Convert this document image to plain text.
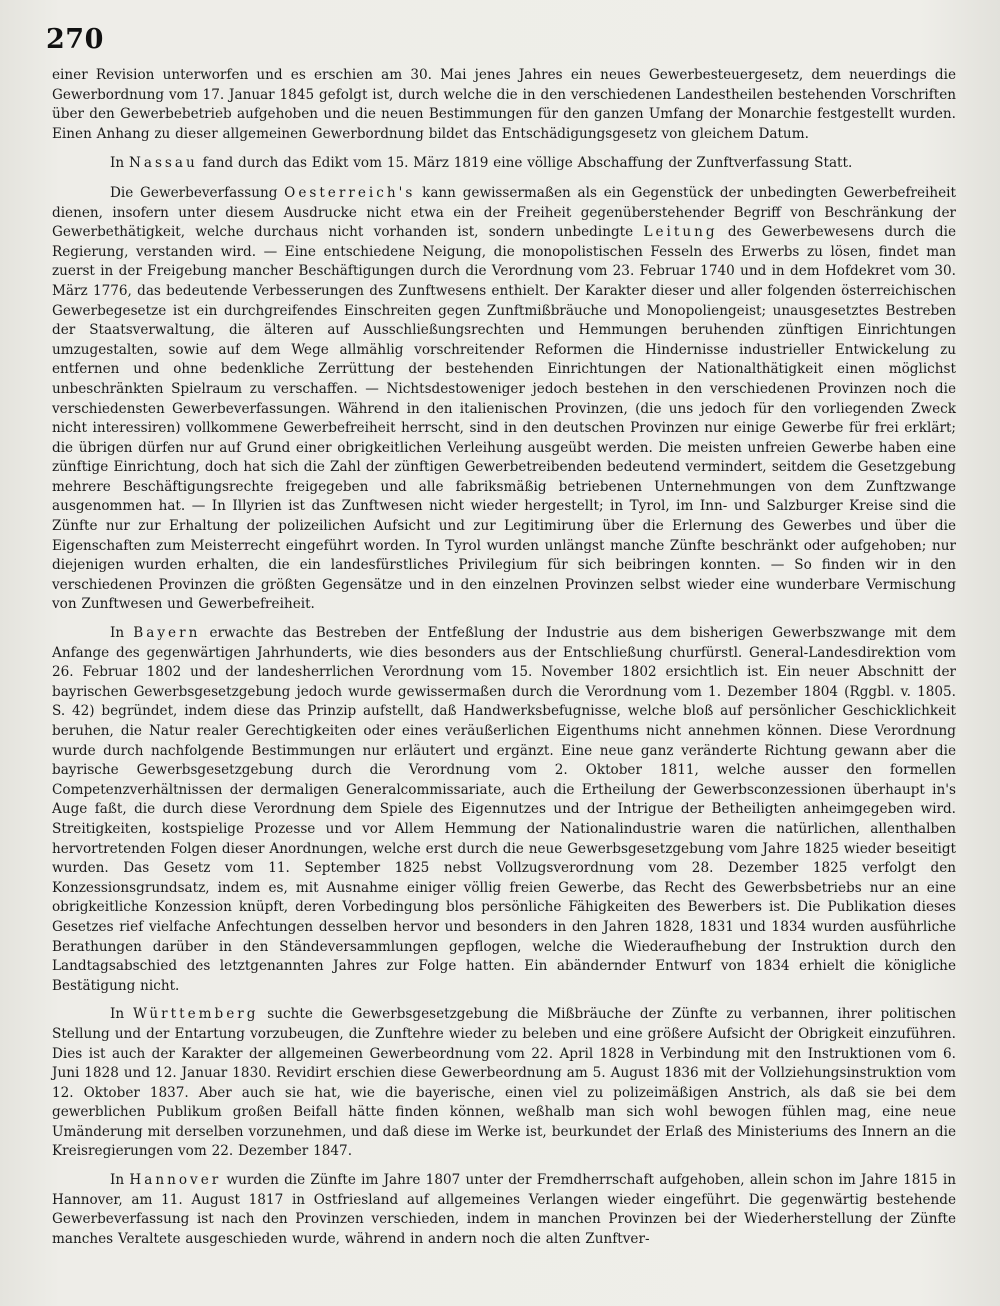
270

einer Revision unterworfen und es erschien am 30. Mai jenes Jahres ein neues Gewerbesteuergesetz, dem neuerdings die Gewerbordnung vom 17. Januar 1845 gefolgt ist, durch welche die in den verschiedenen Landestheilen bestehenden Vorschriften über den Gewerbebetrieb aufgehoben und die neuen Bestimmungen für den ganzen Umfang der Monarchie festgestellt wurden. Einen Anhang zu dieser allgemeinen Gewerbordnung bildet das Entschädigungsgesetz von gleichem Datum.

In Nassau fand durch das Edikt vom 15. März 1819 eine völlige Abschaffung der Zunftverfassung Statt.

Die Gewerbeverfassung Oesterreich's kann gewissermaßen als ein Gegenstück der unbedingten Gewerbefreiheit dienen, insofern unter diesem Ausdrucke nicht etwa ein der Freiheit gegenüberstehender Begriff von Beschränkung der Gewerbethätigkeit, welche durchaus nicht vorhanden ist, sondern unbedingte Leitung des Gewerbewesens durch die Regierung, verstanden wird. — Eine entschiedene Neigung, die monopolistischen Fesseln des Erwerbs zu lösen, findet man zuerst in der Freigebung mancher Beschäftigungen durch die Verordnung vom 23. Februar 1740 und in dem Hofdekret vom 30. März 1776, das bedeutende Verbesserungen des Zunftwesens enthielt. Der Karakter dieser und aller folgenden österreichischen Gewerbegesetze ist ein durchgreifendes Einschreiten gegen Zunftmißbräuche und Monopoliengeist; unausgesetztes Bestreben der Staatsverwaltung, die älteren auf Ausschließungsrechten und Hemmungen beruhenden zünftigen Einrichtungen umzugestalten, sowie auf dem Wege allmählig vorschreitender Reformen die Hindernisse industrieller Entwickelung zu entfernen und ohne bedenkliche Zerrüttung der bestehenden Einrichtungen der Nationalthätigkeit einen möglichst unbeschränkten Spielraum zu verschaffen. — Nichtsdestoweniger jedoch bestehen in den verschiedenen Provinzen noch die verschiedensten Gewerbeverfassungen. Während in den italienischen Provinzen, (die uns jedoch für den vorliegenden Zweck nicht interessiren) vollkommene Gewerbefreiheit herrscht, sind in den deutschen Provinzen nur einige Gewerbe für frei erklärt; die übrigen dürfen nur auf Grund einer obrigkeitlichen Verleihung ausgeübt werden. Die meisten unfreien Gewerbe haben eine zünftige Einrichtung, doch hat sich die Zahl der zünftigen Gewerbetreibenden bedeutend vermindert, seitdem die Gesetzgebung mehrere Beschäftigungsrechte freigegeben und alle fabriksmäßig betriebenen Unternehmungen von dem Zunftzwange ausgenommen hat. — In Illyrien ist das Zunftwesen nicht wieder hergestellt; in Tyrol, im Inn- und Salzburger Kreise sind die Zünfte nur zur Erhaltung der polizeilichen Aufsicht und zur Legitimirung über die Erlernung des Gewerbes und über die Eigenschaften zum Meisterrecht eingeführt worden. In Tyrol wurden unlängst manche Zünfte beschränkt oder aufgehoben; nur diejenigen wurden erhalten, die ein landesfürstliches Privilegium für sich beibringen konnten. — So finden wir in den verschiedenen Provinzen die größten Gegensätze und in den einzelnen Provinzen selbst wieder eine wunderbare Vermischung von Zunftwesen und Gewerbefreiheit.

In Bayern erwachte das Bestreben der Entfeßlung der Industrie aus dem bisherigen Gewerbszwange mit dem Anfange des gegenwärtigen Jahrhunderts, wie dies besonders aus der Entschließung churfürstl. General-Landesdirektion vom 26. Februar 1802 und der landesherrlichen Verordnung vom 15. November 1802 ersichtlich ist. Ein neuer Abschnitt der bayrischen Gewerbsgesetzgebung jedoch wurde gewissermaßen durch die Verordnung vom 1. Dezember 1804 (Rggbl. v. 1805. S. 42) begründet, indem diese das Prinzip aufstellt, daß Handwerksbefugnisse, welche bloß auf persönlicher Geschicklichkeit beruhen, die Natur realer Gerechtigkeiten oder eines veräußerlichen Eigenthums nicht annehmen können. Diese Verordnung wurde durch nachfolgende Bestimmungen nur erläutert und ergänzt. Eine neue ganz veränderte Richtung gewann aber die bayrische Gewerbsgesetzgebung durch die Verordnung vom 2. Oktober 1811, welche ausser den formellen Competenzverhältnissen der dermaligen Generalcommissariate, auch die Ertheilung der Gewerbsconzessionen überhaupt in's Auge faßt, die durch diese Verordnung dem Spiele des Eigennutzes und der Intrigue der Betheiligten anheimgegeben wird. Streitigkeiten, kostspielige Prozesse und vor Allem Hemmung der Nationalindustrie waren die natürlichen, allenthalben hervortretenden Folgen dieser Anordnungen, welche erst durch die neue Gewerbsgesetzgebung vom Jahre 1825 wieder beseitigt wurden. Das Gesetz vom 11. September 1825 nebst Vollzugsverordnung vom 28. Dezember 1825 verfolgt den Konzessionsgrundsatz, indem es, mit Ausnahme einiger völlig freien Gewerbe, das Recht des Gewerbsbetriebs nur an eine obrigkeitliche Konzession knüpft, deren Vorbedingung blos persönliche Fähigkeiten des Bewerbers ist. Die Publikation dieses Gesetzes rief vielfache Anfechtungen desselben hervor und besonders in den Jahren 1828, 1831 und 1834 wurden ausführliche Berathungen darüber in den Ständeversammlungen gepflogen, welche die Wiederaufhebung der Instruktion durch den Landtagsabschied des letztgenannten Jahres zur Folge hatten. Ein abändernder Entwurf von 1834 erhielt die königliche Bestätigung nicht.

In Württemberg suchte die Gewerbsgesetzgebung die Mißbräuche der Zünfte zu verbannen, ihrer politischen Stellung und der Entartung vorzubeugen, die Zunftehre wieder zu beleben und eine größere Aufsicht der Obrigkeit einzuführen. Dies ist auch der Karakter der allgemeinen Gewerbeordnung vom 22. April 1828 in Verbindung mit den Instruktionen vom 6. Juni 1828 und 12. Januar 1830. Revidirt erschien diese Gewerbeordnung am 5. August 1836 mit der Vollziehungsinstruktion vom 12. Oktober 1837. Aber auch sie hat, wie die bayerische, einen viel zu polizeimäßigen Anstrich, als daß sie bei dem gewerblichen Publikum großen Beifall hätte finden können, weßhalb man sich wohl bewogen fühlen mag, eine neue Umänderung mit derselben vorzunehmen, und daß diese im Werke ist, beurkundet der Erlaß des Ministeriums des Innern an die Kreisregierungen vom 22. Dezember 1847.

In Hannover wurden die Zünfte im Jahre 1807 unter der Fremdherrschaft aufgehoben, allein schon im Jahre 1815 in Hannover, am 11. August 1817 in Ostfriesland auf allgemeines Verlangen wieder eingeführt. Die gegenwärtig bestehende Gewerbeverfassung ist nach den Provinzen verschieden, indem in manchen Provinzen bei der Wiederherstellung der Zünfte manches Veraltete ausgeschieden wurde, während in andern noch die alten Zunftver-
